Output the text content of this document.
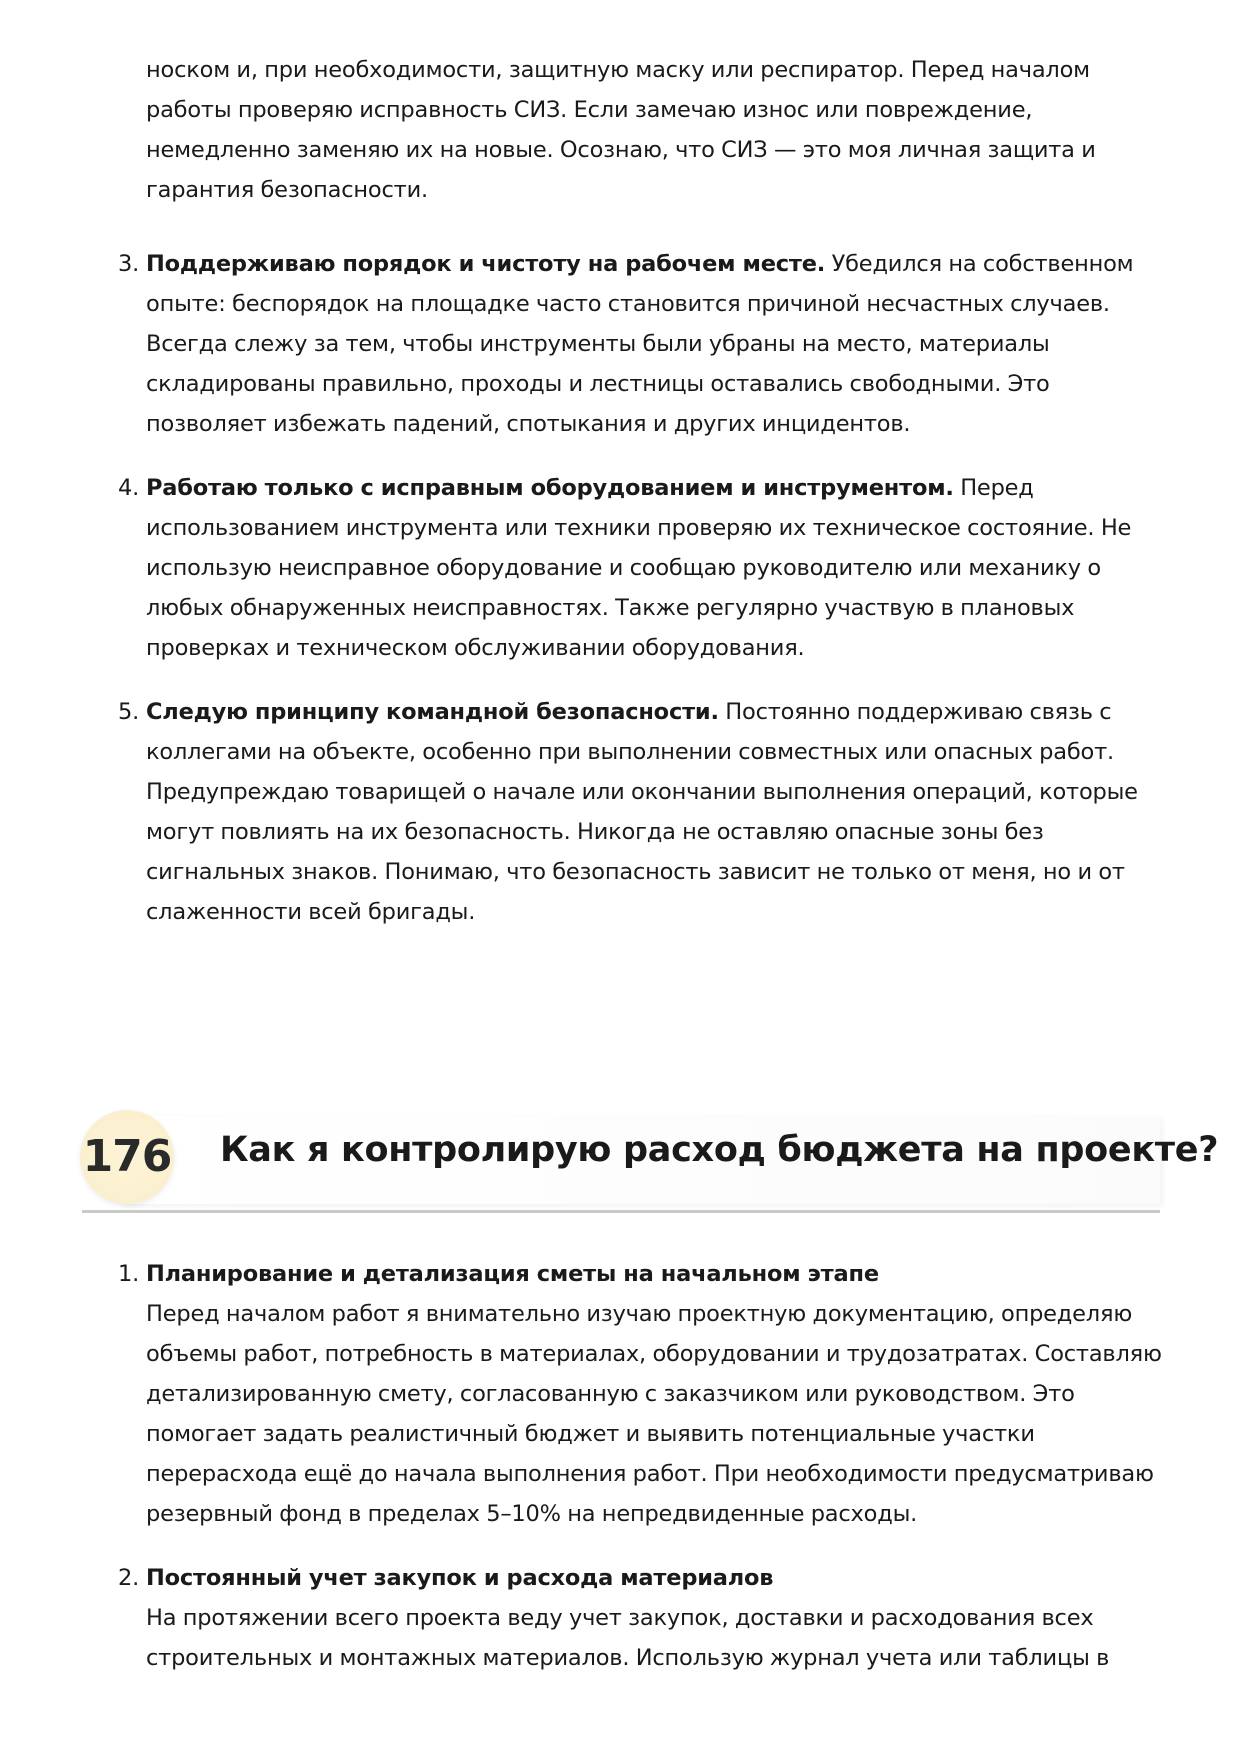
носком и, при необходимости, защитную маску или респиратор. Перед началом
работы проверяю исправность СИЗ. Если замечаю износ или повреждение,
немедленно заменяю их на новые. Осознаю, что СИЗ — это моя личная защита и
гарантия безопасности.
3. Поддерживаю порядок и чистоту на рабочем месте. Убедился на собственном
опыте: беспорядок на площадке часто становится причиной несчастных случаев.
Всегда слежу за тем, чтобы инструменты были убраны на место, материалы
складированы правильно, проходы и лестницы оставались свободными. Это
позволяет избежать падений, спотыкания и других инцидентов.
4. Работаю только с исправным оборудованием и инструментом. Перед
использованием инструмента или техники проверяю их техническое состояние. Не
использую неисправное оборудование и сообщаю руководителю или механику о
любых обнаруженных неисправностях. Также регулярно участвую в плановых
проверках и техническом обслуживании оборудования.
5. Следую принципу командной безопасности. Постоянно поддерживаю связь с
коллегами на объекте, особенно при выполнении совместных или опасных работ.
Предупреждаю товарищей о начале или окончании выполнения операций, которые
могут повлиять на их безопасность. Никогда не оставляю опасные зоны без
сигнальных знаков. Понимаю, что безопасность зависит не только от меня, но и от
слаженности всей бригады.
176 Как я контролирую расход бюджета на проекте?
1. Планирование и детализация сметы на начальном этапе
Перед началом работ я внимательно изучаю проектную документацию, определяю
объемы работ, потребность в материалах, оборудовании и трудозатратах. Составляю
детализированную смету, согласованную с заказчиком или руководством. Это
помогает задать реалистичный бюджет и выявить потенциальные участки
перерасхода ещё до начала выполнения работ. При необходимости предусматриваю
резервный фонд в пределах 5–10% на непредвиденные расходы.
2. Постоянный учет закупок и расхода материалов
На протяжении всего проекта веду учет закупок, доставки и расходования всех
строительных и монтажных материалов. Использую журнал учета или таблицы в
